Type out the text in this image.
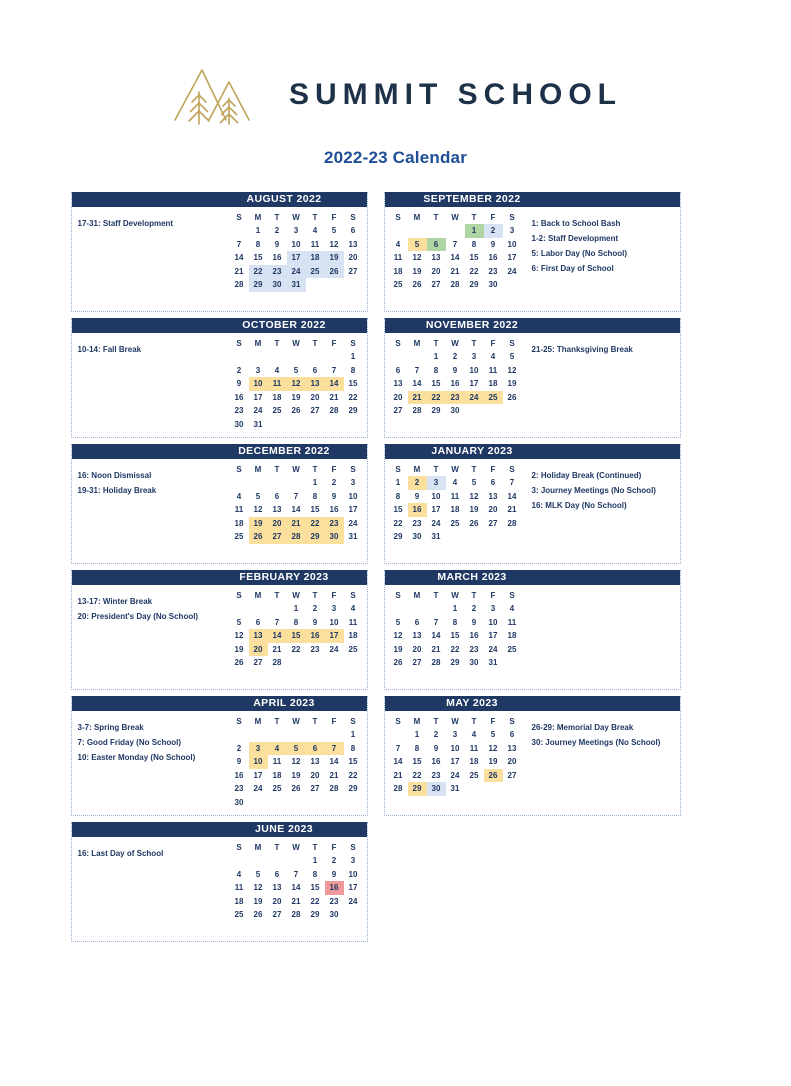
SUMMIT SCHOOL
2022-23 Calendar
AUGUST 2022
17-31: Staff Development
S	M	T	W	T	F	S
	1	2	3	4	5	6
7	8	9	10	11	12	13
14	15	16	17	18	19	20
21	22	23	24	25	26	27
28	29	30	31			
SEPTEMBER 2022
S	M	T	W	T	F	S
				1	2	3
4	5	6	7	8	9	10
11	12	13	14	15	16	17
18	19	20	21	22	23	24
25	26	27	28	29	30	
1: Back to School Bash
1-2: Staff Development
5: Labor Day (No School)
6: First Day of School
OCTOBER 2022
10-14: Fall Break
S	M	T	W	T	F	S
						1
2	3	4	5	6	7	8
9	10	11	12	13	14	15
16	17	18	19	20	21	22
23	24	25	26	27	28	29
30	31					
NOVEMBER 2022
S	M	T	W	T	F	S
		1	2	3	4	5
6	7	8	9	10	11	12
13	14	15	16	17	18	19
20	21	22	23	24	25	26
27	28	29	30			
21-25: Thanksgiving Break
DECEMBER 2022
16: Noon Dismissal
19-31: Holiday Break
S	M	T	W	T	F	S
				1	2	3
4	5	6	7	8	9	10
11	12	13	14	15	16	17
18	19	20	21	22	23	24
25	26	27	28	29	30	31
JANUARY 2023
S	M	T	W	T	F	S
1	2	3	4	5	6	7
8	9	10	11	12	13	14
15	16	17	18	19	20	21
22	23	24	25	26	27	28
29	30	31				
2: Holiday Break (Continued)
3: Journey Meetings (No School)
16: MLK Day (No School)
FEBRUARY 2023
13-17: Winter Break
20: President's Day (No School)
S	M	T	W	T	F	S
			1	2	3	4
5	6	7	8	9	10	11
12	13	14	15	16	17	18
19	20	21	22	23	24	25
26	27	28				
MARCH 2023
S	M	T	W	T	F	S
			1	2	3	4
5	6	7	8	9	10	11
12	13	14	15	16	17	18
19	20	21	22	23	24	25
26	27	28	29	30	31	
APRIL 2023
3-7: Spring Break
7: Good Friday (No School)
10: Easter Monday (No School)
S	M	T	W	T	F	S
						1
2	3	4	5	6	7	8
9	10	11	12	13	14	15
16	17	18	19	20	21	22
23	24	25	26	27	28	29
30						
MAY 2023
S	M	T	W	T	F	S
	1	2	3	4	5	6
7	8	9	10	11	12	13
14	15	16	17	18	19	20
21	22	23	24	25	26	27
28	29	30	31			
26-29: Memorial Day Break
30: Journey Meetings (No School)
JUNE 2023
16: Last Day of School
S	M	T	W	T	F	S
				1	2	3
4	5	6	7	8	9	10
11	12	13	14	15	16	17
18	19	20	21	22	23	24
25	26	27	28	29	30	
